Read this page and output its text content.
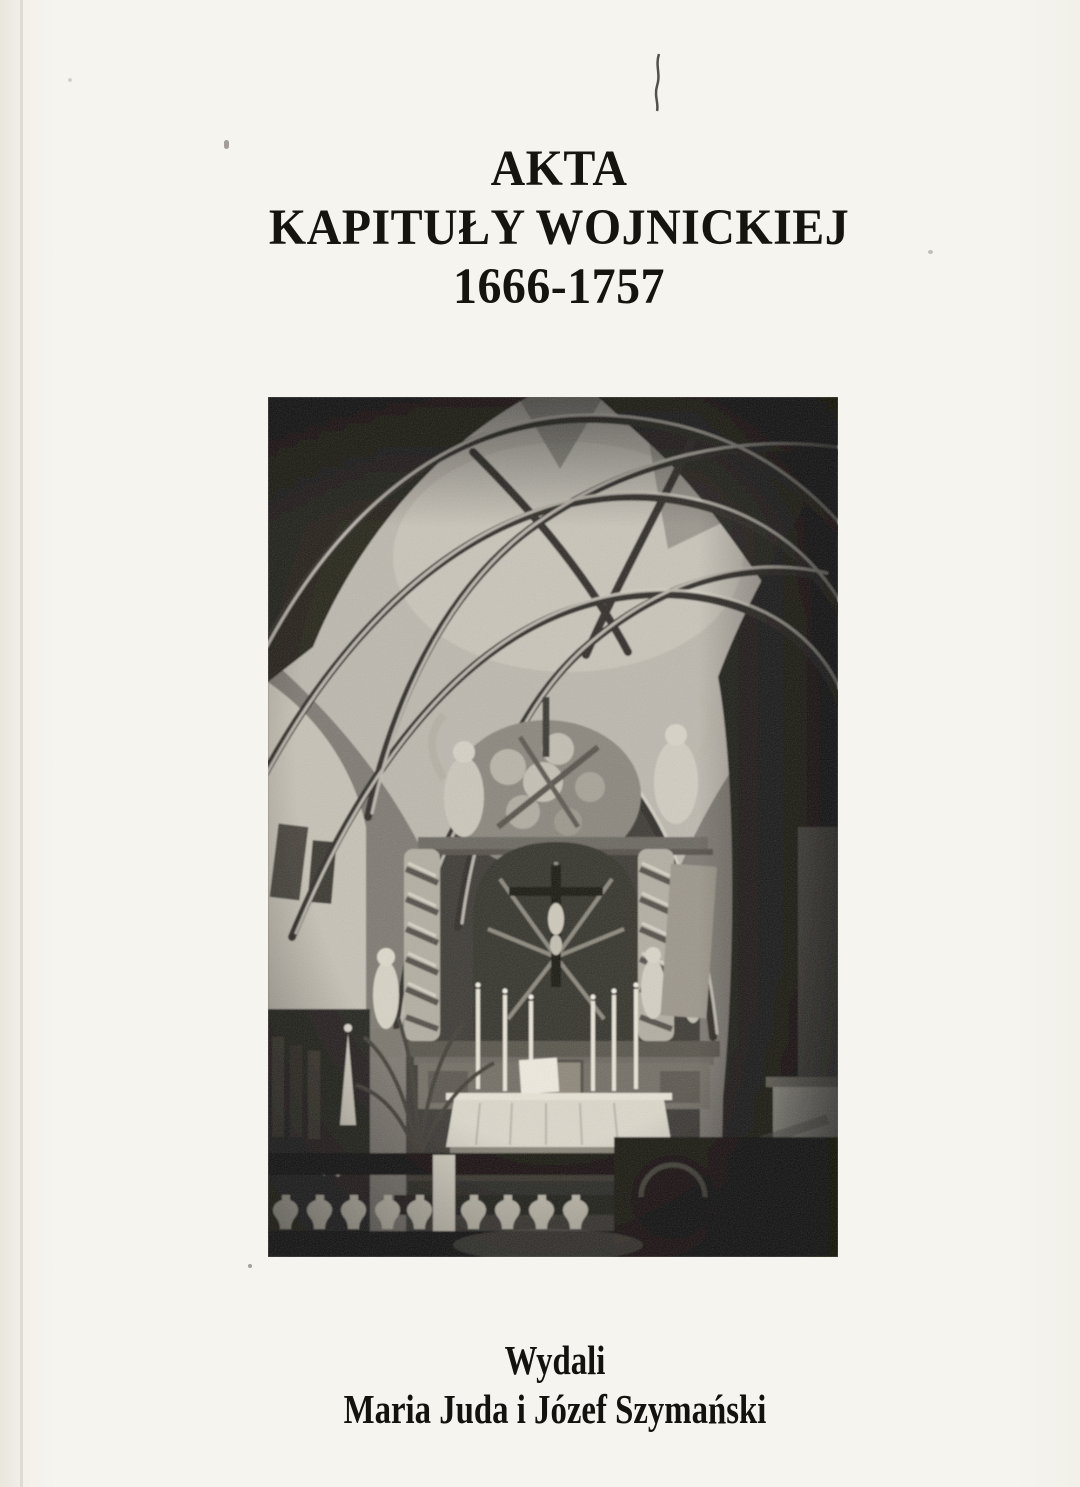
AKTA
KAPITUŁY WOJNICKIEJ
1666-1757
Wydali
Maria Juda i Józef Szymański
